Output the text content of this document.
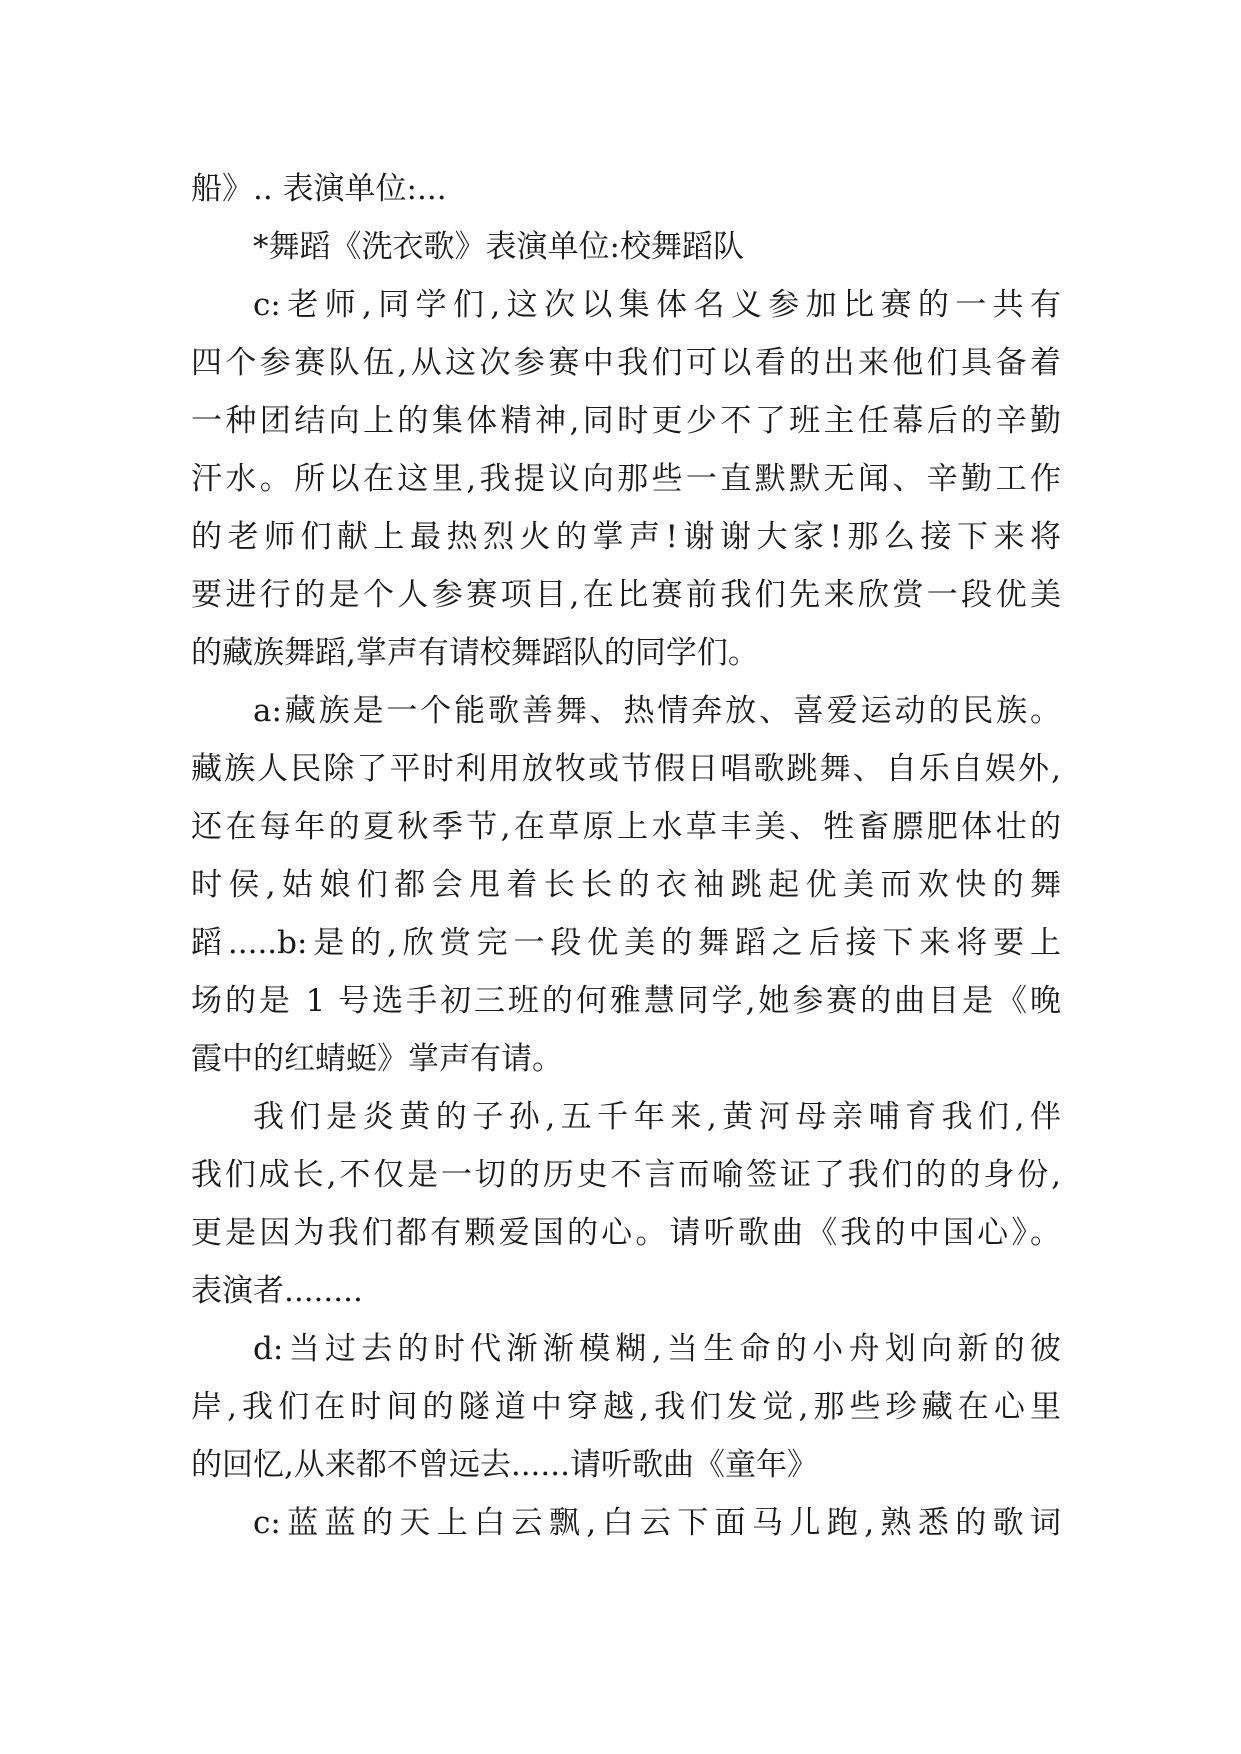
船》.. 表演单位:...
*舞蹈《洗衣歌》表演单位:校舞蹈队
c:老师,同学们,这次以集体名义参加比赛的一共有
四个参赛队伍,从这次参赛中我们可以看的出来他们具备着
一种团结向上的集体精神,同时更少不了班主任幕后的辛勤
汗水。所以在这里,我提议向那些一直默默无闻、辛勤工作
的老师们献上最热烈火的掌声!谢谢大家!那么接下来将
要进行的是个人参赛项目,在比赛前我们先来欣赏一段优美
的藏族舞蹈,掌声有请校舞蹈队的同学们。
a:藏族是一个能歌善舞、热情奔放、喜爱运动的民族。
藏族人民除了平时利用放牧或节假日唱歌跳舞、自乐自娱外,
还在每年的夏秋季节,在草原上水草丰美、牲畜膘肥体壮的
时侯,姑娘们都会甩着长长的衣袖跳起优美而欢快的舞
蹈.....b:是的,欣赏完一段优美的舞蹈之后接下来将要上
场的是 1 号选手初三班的何雅慧同学,她参赛的曲目是《晚
霞中的红蜻蜓》掌声有请。
我们是炎黄的子孙,五千年来,黄河母亲哺育我们,伴
我们成长,不仅是一切的历史不言而喻签证了我们的的身份,
更是因为我们都有颗爱国的心。请听歌曲《我的中国心》。
表演者........
d:当过去的时代渐渐模糊,当生命的小舟划向新的彼
岸,我们在时间的隧道中穿越,我们发觉,那些珍藏在心里
的回忆,从来都不曾远去......请听歌曲《童年》
c:蓝蓝的天上白云飘,白云下面马儿跑,熟悉的歌词
